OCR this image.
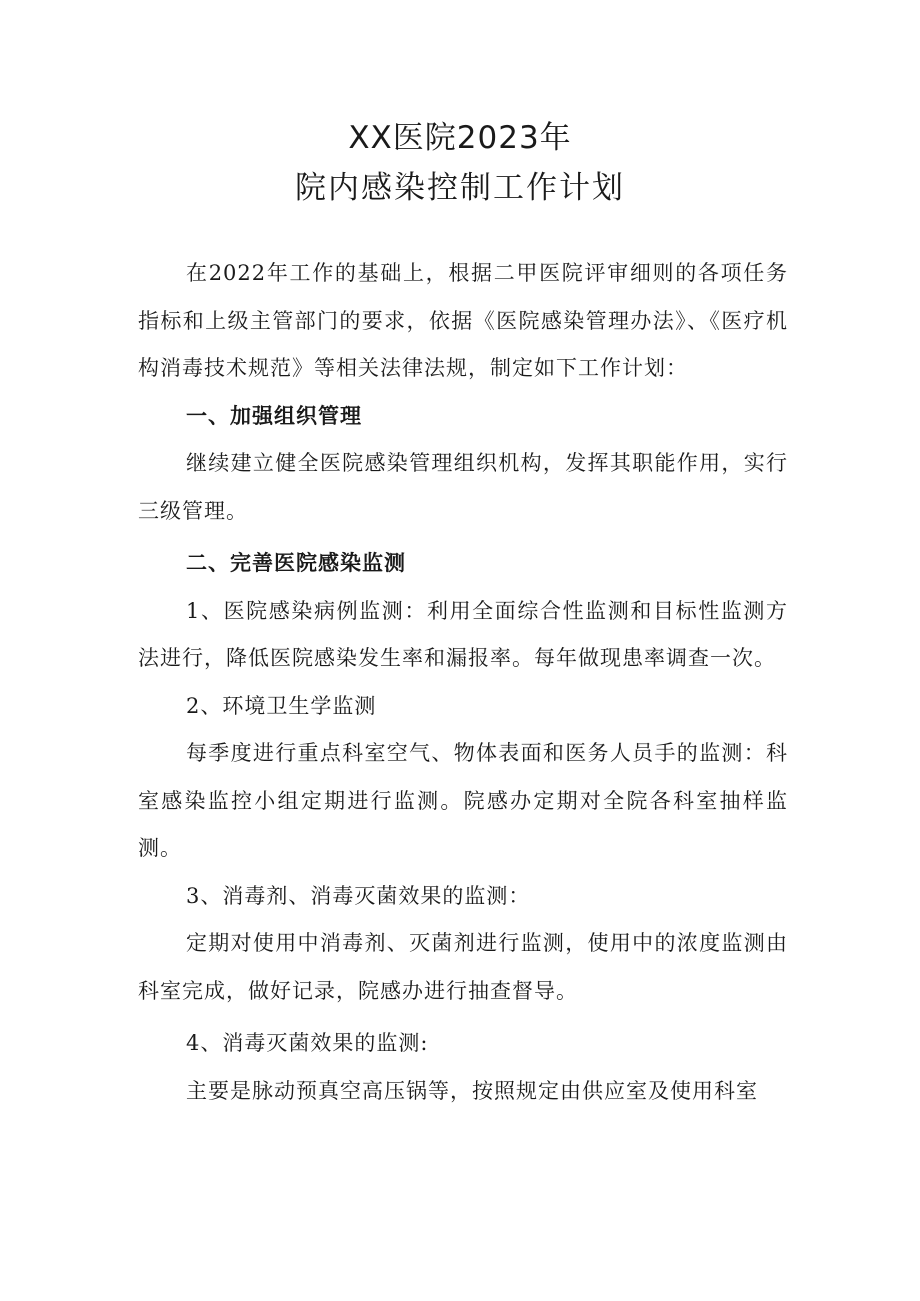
XX医院2023年
院内感染控制工作计划

在2022年工作的基础上，根据二甲医院评审细则的各项任务指标和上级主管部门的要求，依据《医院感染管理办法》、《医疗机构消毒技术规范》等相关法律法规，制定如下工作计划：

一、加强组织管理

继续建立健全医院感染管理组织机构，发挥其职能作用，实行三级管理。

二、完善医院感染监测

1、医院感染病例监测：利用全面综合性监测和目标性监测方法进行，降低医院感染发生率和漏报率。每年做现患率调查一次。

2、环境卫生学监测

每季度进行重点科室空气、物体表面和医务人员手的监测：科室感染监控小组定期进行监测。院感办定期对全院各科室抽样监测。

3、消毒剂、消毒灭菌效果的监测：

定期对使用中消毒剂、灭菌剂进行监测，使用中的浓度监测由科室完成，做好记录，院感办进行抽查督导。

4、消毒灭菌效果的监测:

主要是脉动预真空高压锅等，按照规定由供应室及使用科室
